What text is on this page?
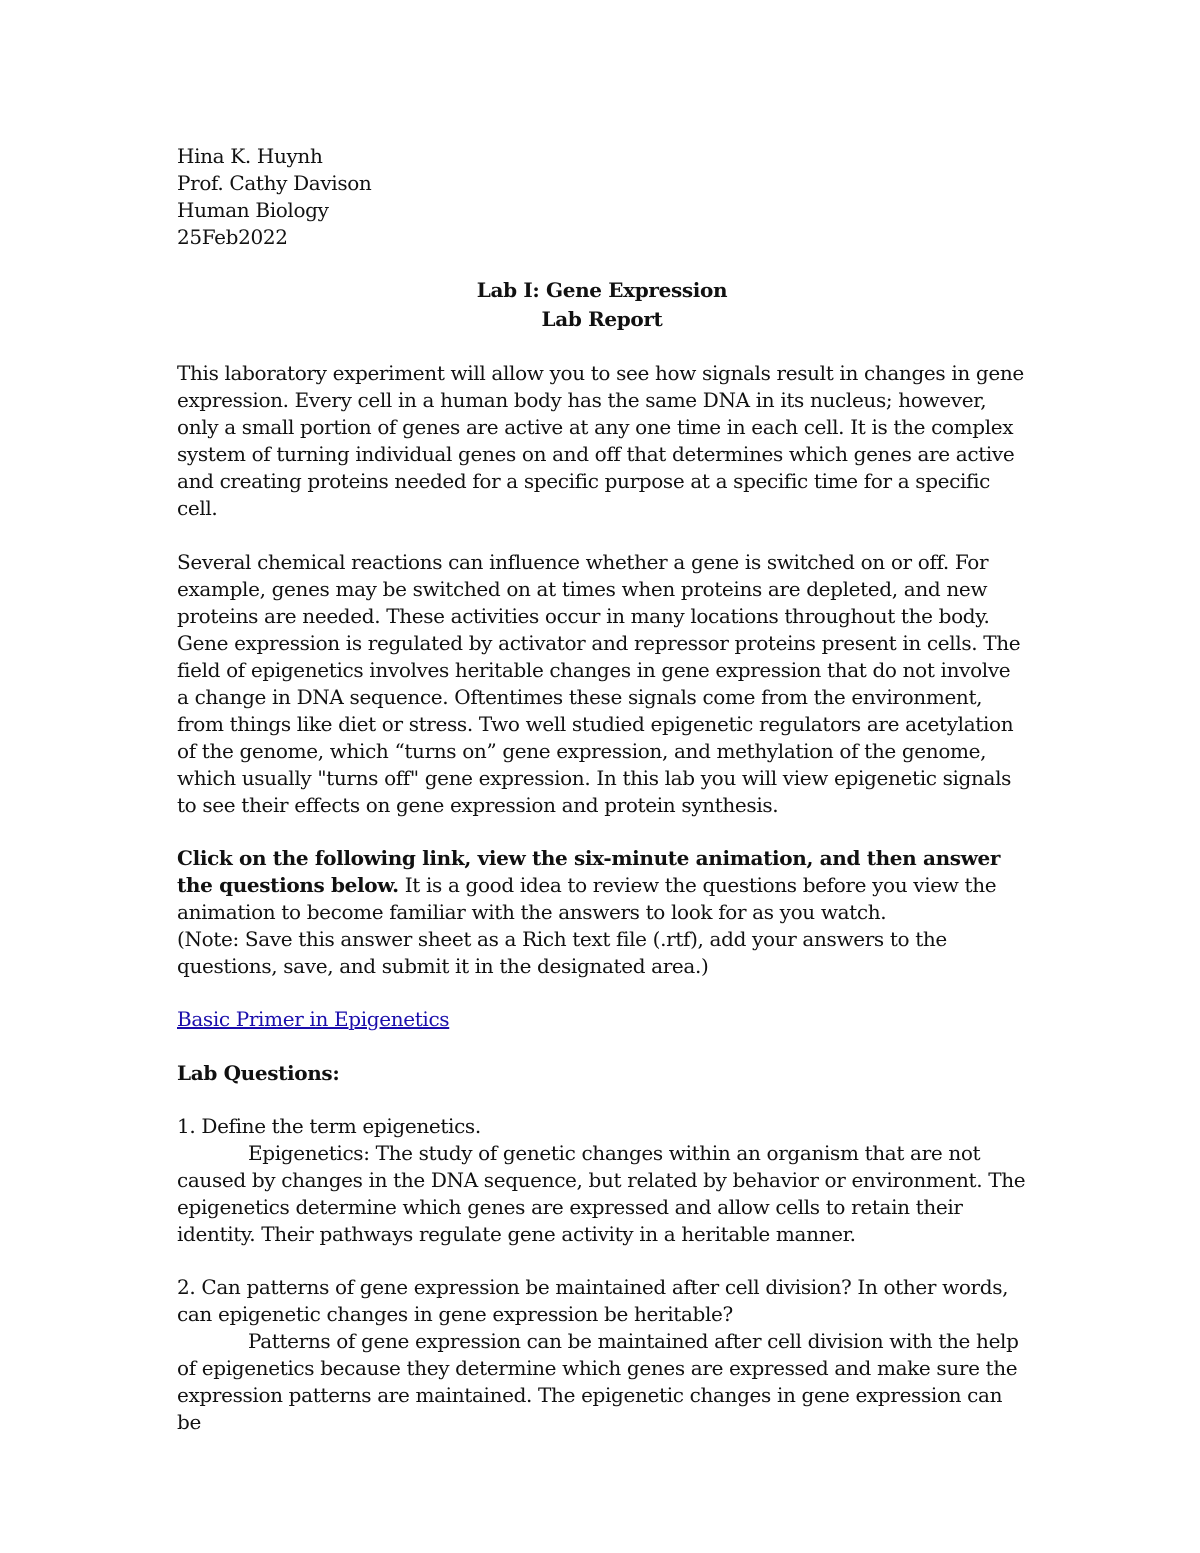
Hina K. Huynh
Prof. Cathy Davison
Human Biology
25Feb2022
Lab I: Gene Expression
Lab Report

This laboratory experiment will allow you to see how signals result in changes in gene expression. Every cell in a human body has the same DNA in its nucleus; however, only a small portion of genes are active at any one time in each cell. It is the complex system of turning individual genes on and off that determines which genes are active and creating proteins needed for a specific purpose at a specific time for a specific cell.

Several chemical reactions can influence whether a gene is switched on or off. For example, genes may be switched on at times when proteins are depleted, and new proteins are needed. These activities occur in many locations throughout the body. Gene expression is regulated by activator and repressor proteins present in cells. The field of epigenetics involves heritable changes in gene expression that do not involve a change in DNA sequence. Oftentimes these signals come from the environment, from things like diet or stress. Two well studied epigenetic regulators are acetylation of the genome, which “turns on” gene expression, and methylation of the genome, which usually "turns off" gene expression. In this lab you will view epigenetic signals to see their effects on gene expression and protein synthesis.

Click on the following link, view the six-minute animation, and then answer the questions below. It is a good idea to review the questions before you view the animation to become familiar with the answers to look for as you watch.
(Note: Save this answer sheet as a Rich text file (.rtf), add your answers to the questions, save, and submit it in the designated area.)

Basic Primer in Epigenetics

Lab Questions:
1. Define the term epigenetics.
Epigenetics: The study of genetic changes within an organism that are not caused by changes in the DNA sequence, but related by behavior or environment. The epigenetics determine which genes are expressed and allow cells to retain their identity. Their pathways regulate gene activity in a heritable manner.
2. Can patterns of gene expression be maintained after cell division? In other words, can epigenetic changes in gene expression be heritable?
Patterns of gene expression can be maintained after cell division with the help of epigenetics because they determine which genes are expressed and make sure the expression patterns are maintained. The epigenetic changes in gene expression can be
